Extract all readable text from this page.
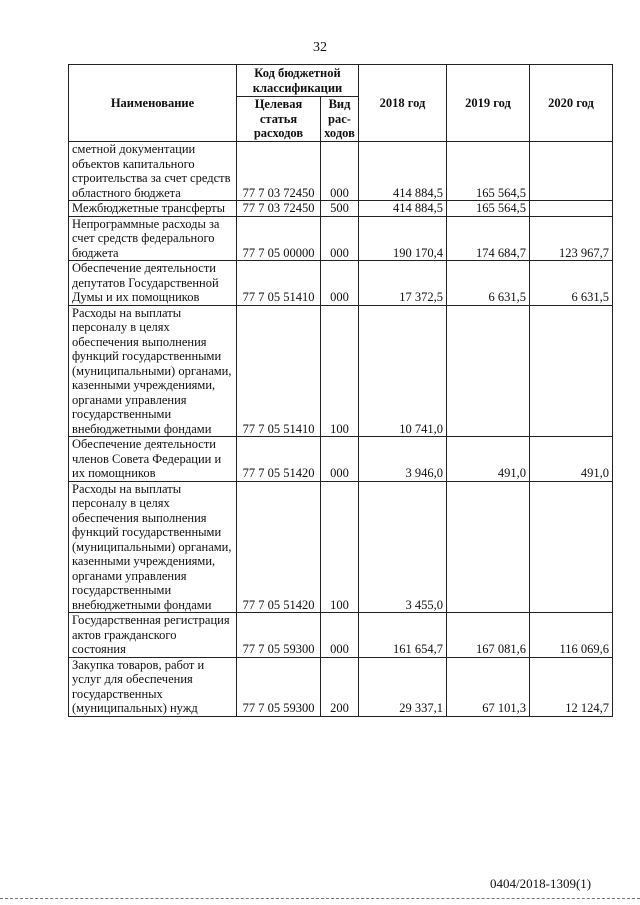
32
Наименование	Код бюджетной классификации		2018 год	2019 год	2020 год
	Целевая статья расходов	Вид рас-ходов			
сметной документации объектов капитального строительства за счет средств областного бюджета	77 7 03 72450	000	414 884,5	165 564,5	
Межбюджетные трансферты	77 7 03 72450	500	414 884,5	165 564,5	
Непрограммные расходы за счет средств федерального бюджета	77 7 05 00000	000	190 170,4	174 684,7	123 967,7
Обеспечение деятельности депутатов Государственной Думы и их помощников	77 7 05 51410	000	17 372,5	6 631,5	6 631,5
Расходы на выплаты персоналу в целях обеспечения выполнения функций государственными (муниципальными) органами, казенными учреждениями, органами управления государственными внебюджетными фондами	77 7 05 51410	100	10 741,0		
Обеспечение деятельности членов Совета Федерации и их помощников	77 7 05 51420	000	3 946,0	491,0	491,0
Расходы на выплаты персоналу в целях обеспечения выполнения функций государственными (муниципальными) органами, казенными учреждениями, органами управления государственными внебюджетными фондами	77 7 05 51420	100	3 455,0		
Государственная регистрация актов гражданского состояния	77 7 05 59300	000	161 654,7	167 081,6	116 069,6
Закупка товаров, работ и услуг для обеспечения государственных (муниципальных) нужд	77 7 05 59300	200	29 337,1	67 101,3	12 124,7
0404/2018-1309(1)
